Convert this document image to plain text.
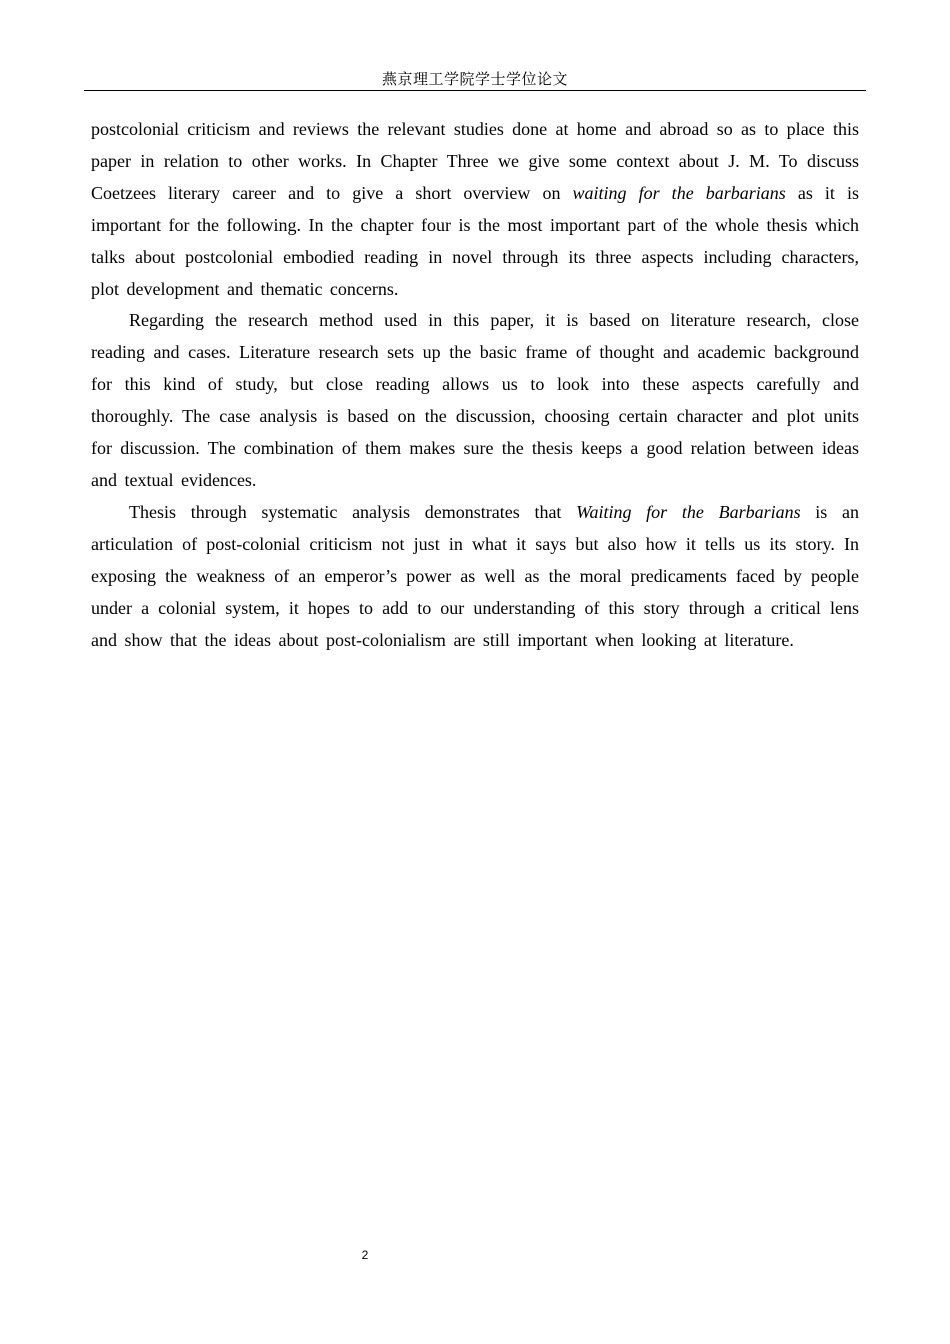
燕京理工学院学士学位论文

postcolonial criticism and reviews the relevant studies done at home and abroad so as to place this paper in relation to other works. In Chapter Three we give some context about J. M. To discuss Coetzees literary career and to give a short overview on waiting for the barbarians as it is important for the following. In the chapter four is the most important part of the whole thesis which talks about postcolonial embodied reading in novel through its three aspects including characters, plot development and thematic concerns.

Regarding the research method used in this paper, it is based on literature research, close reading and cases. Literature research sets up the basic frame of thought and academic background for this kind of study, but close reading allows us to look into these aspects carefully and thoroughly. The case analysis is based on the discussion, choosing certain character and plot units for discussion. The combination of them makes sure the thesis keeps a good relation between ideas and textual evidences.

Thesis through systematic analysis demonstrates that Waiting for the Barbarians is an articulation of post-colonial criticism not just in what it says but also how it tells us its story. In exposing the weakness of an emperor’s power as well as the moral predicaments faced by people under a colonial system, it hopes to add to our understanding of this story through a critical lens and show that the ideas about post-colonialism are still important when looking at literature.

2
